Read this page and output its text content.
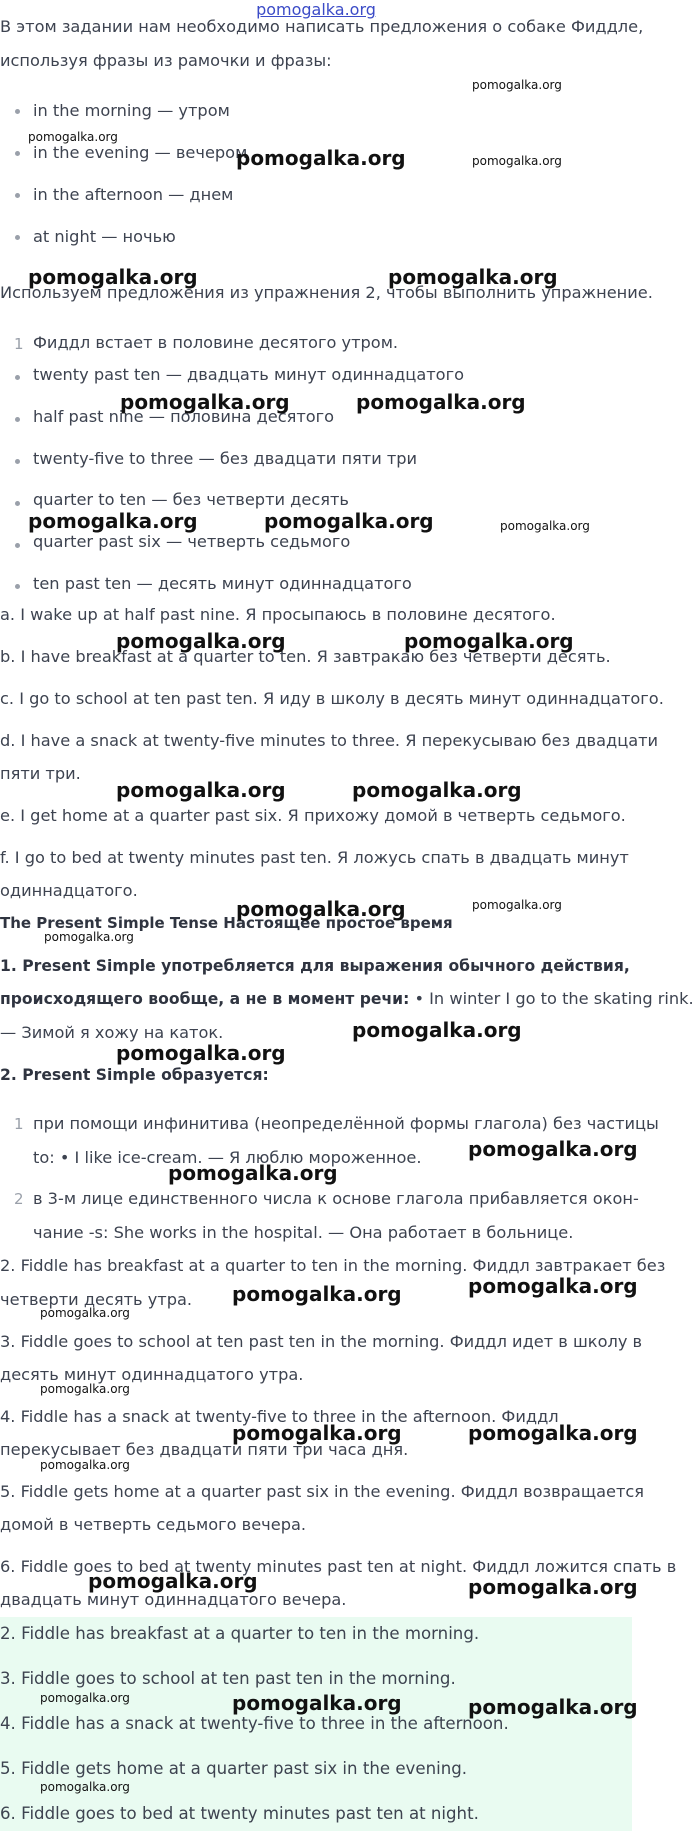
pomogalka.org
В этом задании нам необходимо написать предложения о собаке Фиддле,
используя фразы из рамочки и фразы:
in the morning — утром
in the evening — вечером
in the afternoon — днем
at night — ночью
Используем предложения из упражнения 2, чтобы выполнить упражнение.
1 Фиддл встает в половине десятого утром.
twenty past ten — двадцать минут одиннадцатого
half past nine — половина десятого
twenty-five to three — без двадцати пяти три
quarter to ten — без четверти десять
quarter past six — четверть седьмого
ten past ten — десять минут одиннадцатого
a. I wake up at half past nine. Я просыпаюсь в половине десятого.
b. I have breakfast at a quarter to ten. Я завтракаю без четверти десять.
c. I go to school at ten past ten. Я иду в школу в десять минут одиннадцатого.
d. I have a snack at twenty-five minutes to three. Я перекусываю без двадцати
пяти три.
e. I get home at a quarter past six. Я прихожу домой в четверть седьмого.
f. I go to bed at twenty minutes past ten. Я ложусь спать в двадцать минут
одиннадцатого.
The Present Simple Tense Настоящее простое время
1. Present Simple употребляется для выражения обычного действия,
происходящего вообще, а не в момент речи: • In winter I go to the skating rink.
— Зимой я хожу на каток.
2. Present Simple образуется:
1 при помощи инфинитива (неопределённой формы глагола) без частицы
to: • I like ice-cream. — Я люблю мороженное.
2 в 3-м лице единственного числа к основе глагола прибавляется окон-
чание -s: She works in the hospital. — Она работает в больнице.
2. Fiddle has breakfast at a quarter to ten in the morning. Фиддл завтракает без
четверти десять утра.
3. Fiddle goes to school at ten past ten in the morning. Фиддл идет в школу в
десять минут одиннадцатого утра.
4. Fiddle has a snack at twenty-five to three in the afternoon. Фиддл
перекусывает без двадцати пяти три часа дня.
5. Fiddle gets home at a quarter past six in the evening. Фиддл возвращается
домой в четверть седьмого вечера.
6. Fiddle goes to bed at twenty minutes past ten at night. Фиддл ложится спать в
двадцать минут одиннадцатого вечера.
2. Fiddle has breakfast at a quarter to ten in the morning.
3. Fiddle goes to school at ten past ten in the morning.
4. Fiddle has a snack at twenty-five to three in the afternoon.
5. Fiddle gets home at a quarter past six in the evening.
6. Fiddle goes to bed at twenty minutes past ten at night.
pomogalka.org
pomogalka.org
pomogalka.org	pomogalka.org
pomogalka.org	pomogalka.org
pomogalka.org	pomogalka.org
pomogalka.org	pomogalka.org	pomogalka.org
pomogalka.org	pomogalka.org
pomogalka.org	pomogalka.org
pomogalka.org	pomogalka.org
pomogalka.org
pomogalka.org
pomogalka.org
pomogalka.org
pomogalka.org
pomogalka.org
pomogalka.org
pomogalka.org
pomogalka.org
pomogalka.org	pomogalka.org
pomogalka.org
pomogalka.org	pomogalka.org
pomogalka.org	pomogalka.org	pomogalka.org
pomogalka.org
